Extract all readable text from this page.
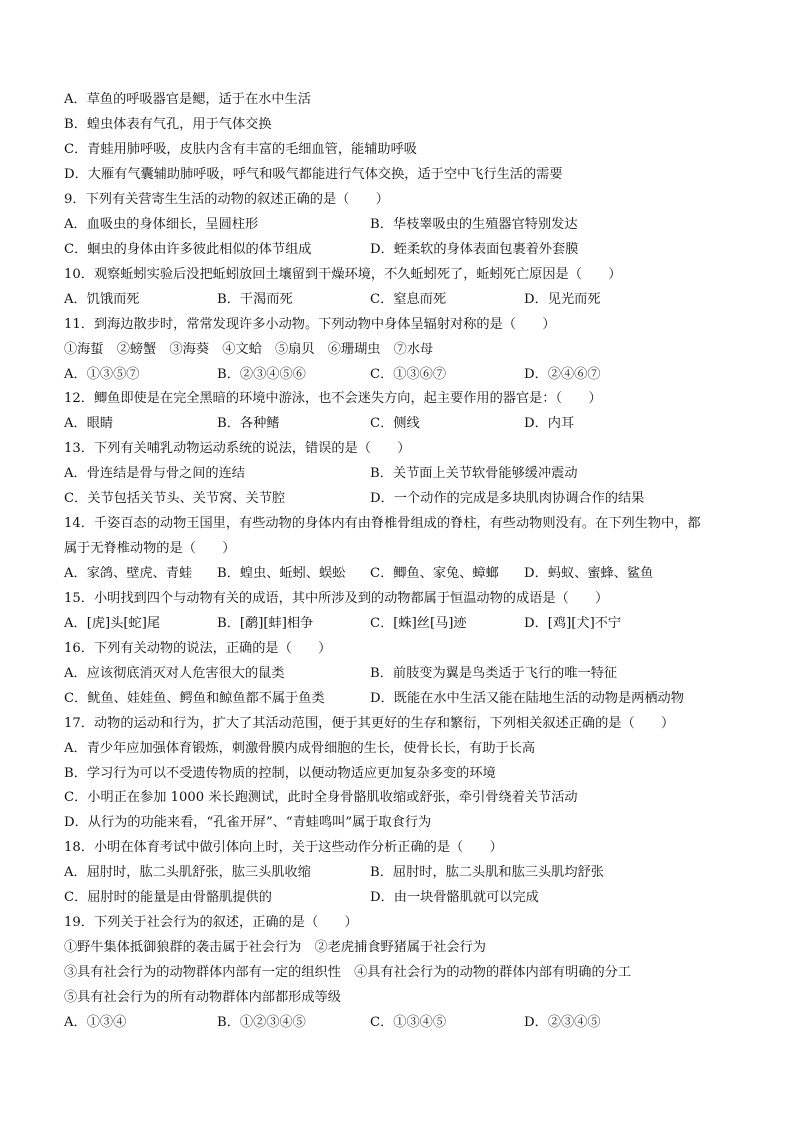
A．草鱼的呼吸器官是鳃，适于在水中生活
B．蝗虫体表有气孔，用于气体交换
C．青蛙用肺呼吸，皮肤内含有丰富的毛细血管，能辅助呼吸
D．大雁有气囊辅助肺呼吸，呼气和吸气都能进行气体交换，适于空中飞行生活的需要
9．下列有关营寄生生活的动物的叙述正确的是（　　）
A．血吸虫的身体细长，呈圆柱形	B．华枝睾吸虫的生殖器官特别发达
C．蛔虫的身体由许多彼此相似的体节组成	D．蛭柔软的身体表面包裹着外套膜
10．观察蚯蚓实验后没把蚯蚓放回土壤留到干燥环境，不久蚯蚓死了，蚯蚓死亡原因是（　　）
A．饥饿而死	B．干渴而死	C．窒息而死	D．见光而死
11．到海边散步时，常常发现许多小动物。下列动物中身体呈辐射对称的是（　　）
①海蜇　②螃蟹　③海葵　④文蛤　⑤扇贝　⑥珊瑚虫　⑦水母
A．①③⑤⑦	B．②③④⑤⑥	C．①③⑥⑦	D．②④⑥⑦
12．鲫鱼即使是在完全黑暗的环境中游泳，也不会迷失方向，起主要作用的器官是：（　　）
A．眼睛	B．各种鳍	C．侧线	D．内耳
13．下列有关哺乳动物运动系统的说法，错误的是（　　）
A．骨连结是骨与骨之间的连结	B．关节面上关节软骨能够缓冲震动
C．关节包括关节头、关节窝、关节腔	D．一个动作的完成是多块肌肉协调合作的结果
14．千姿百态的动物王国里，有些动物的身体内有由脊椎骨组成的脊柱，有些动物则没有。在下列生物中，都
属于无脊椎动物的是（　　）
A．家鸽、壁虎、青蛙 B．蝗虫、蚯蚓、蜈蚣 C．鲫鱼、家兔、蟑螂 D．蚂蚁、蜜蜂、鲨鱼
15．小明找到四个与动物有关的成语，其中所涉及到的动物都属于恒温动物的成语是（　　）
A．[虎]头[蛇]尾	B．[鹬][蚌]相争	C．[蛛]丝[马]迹	D．[鸡][犬]不宁
16．下列有关动物的说法，正确的是（　　）
A．应该彻底消灭对人危害很大的鼠类	B．前肢变为翼是鸟类适于飞行的唯一特征
C．鱿鱼、娃娃鱼、鳄鱼和鲸鱼都不属于鱼类	D．既能在水中生活又能在陆地生活的动物是两栖动物
17．动物的运动和行为，扩大了其活动范围，便于其更好的生存和繁衍，下列相关叙述正确的是（　　）
A．青少年应加强体育锻炼，刺激骨膜内成骨细胞的生长，使骨长长，有助于长高
B．学习行为可以不受遗传物质的控制，以便动物适应更加复杂多变的环境
C．小明正在参加 1000 米长跑测试，此时全身骨骼肌收缩或舒张，牵引骨绕着关节活动
D．从行为的功能来看，“孔雀开屏”、“青蛙鸣叫”属于取食行为
18．小明在体育考试中做引体向上时，关于这些动作分析正确的是（　　）
A．屈肘时，肱二头肌舒张，肱三头肌收缩	B．屈肘时，肱二头肌和肱三头肌均舒张
C．屈肘时的能量是由骨骼肌提供的	D．由一块骨骼肌就可以完成
19．下列关于社会行为的叙述，正确的是（　　）
①野牛集体抵御狼群的袭击属于社会行为　②老虎捕食野猪属于社会行为
③具有社会行为的动物群体内部有一定的组织性　④具有社会行为的动物的群体内部有明确的分工
⑤具有社会行为的所有动物群体内部都形成等级
A．①③④	B．①②③④⑤	C．①③④⑤	D．②③④⑤
